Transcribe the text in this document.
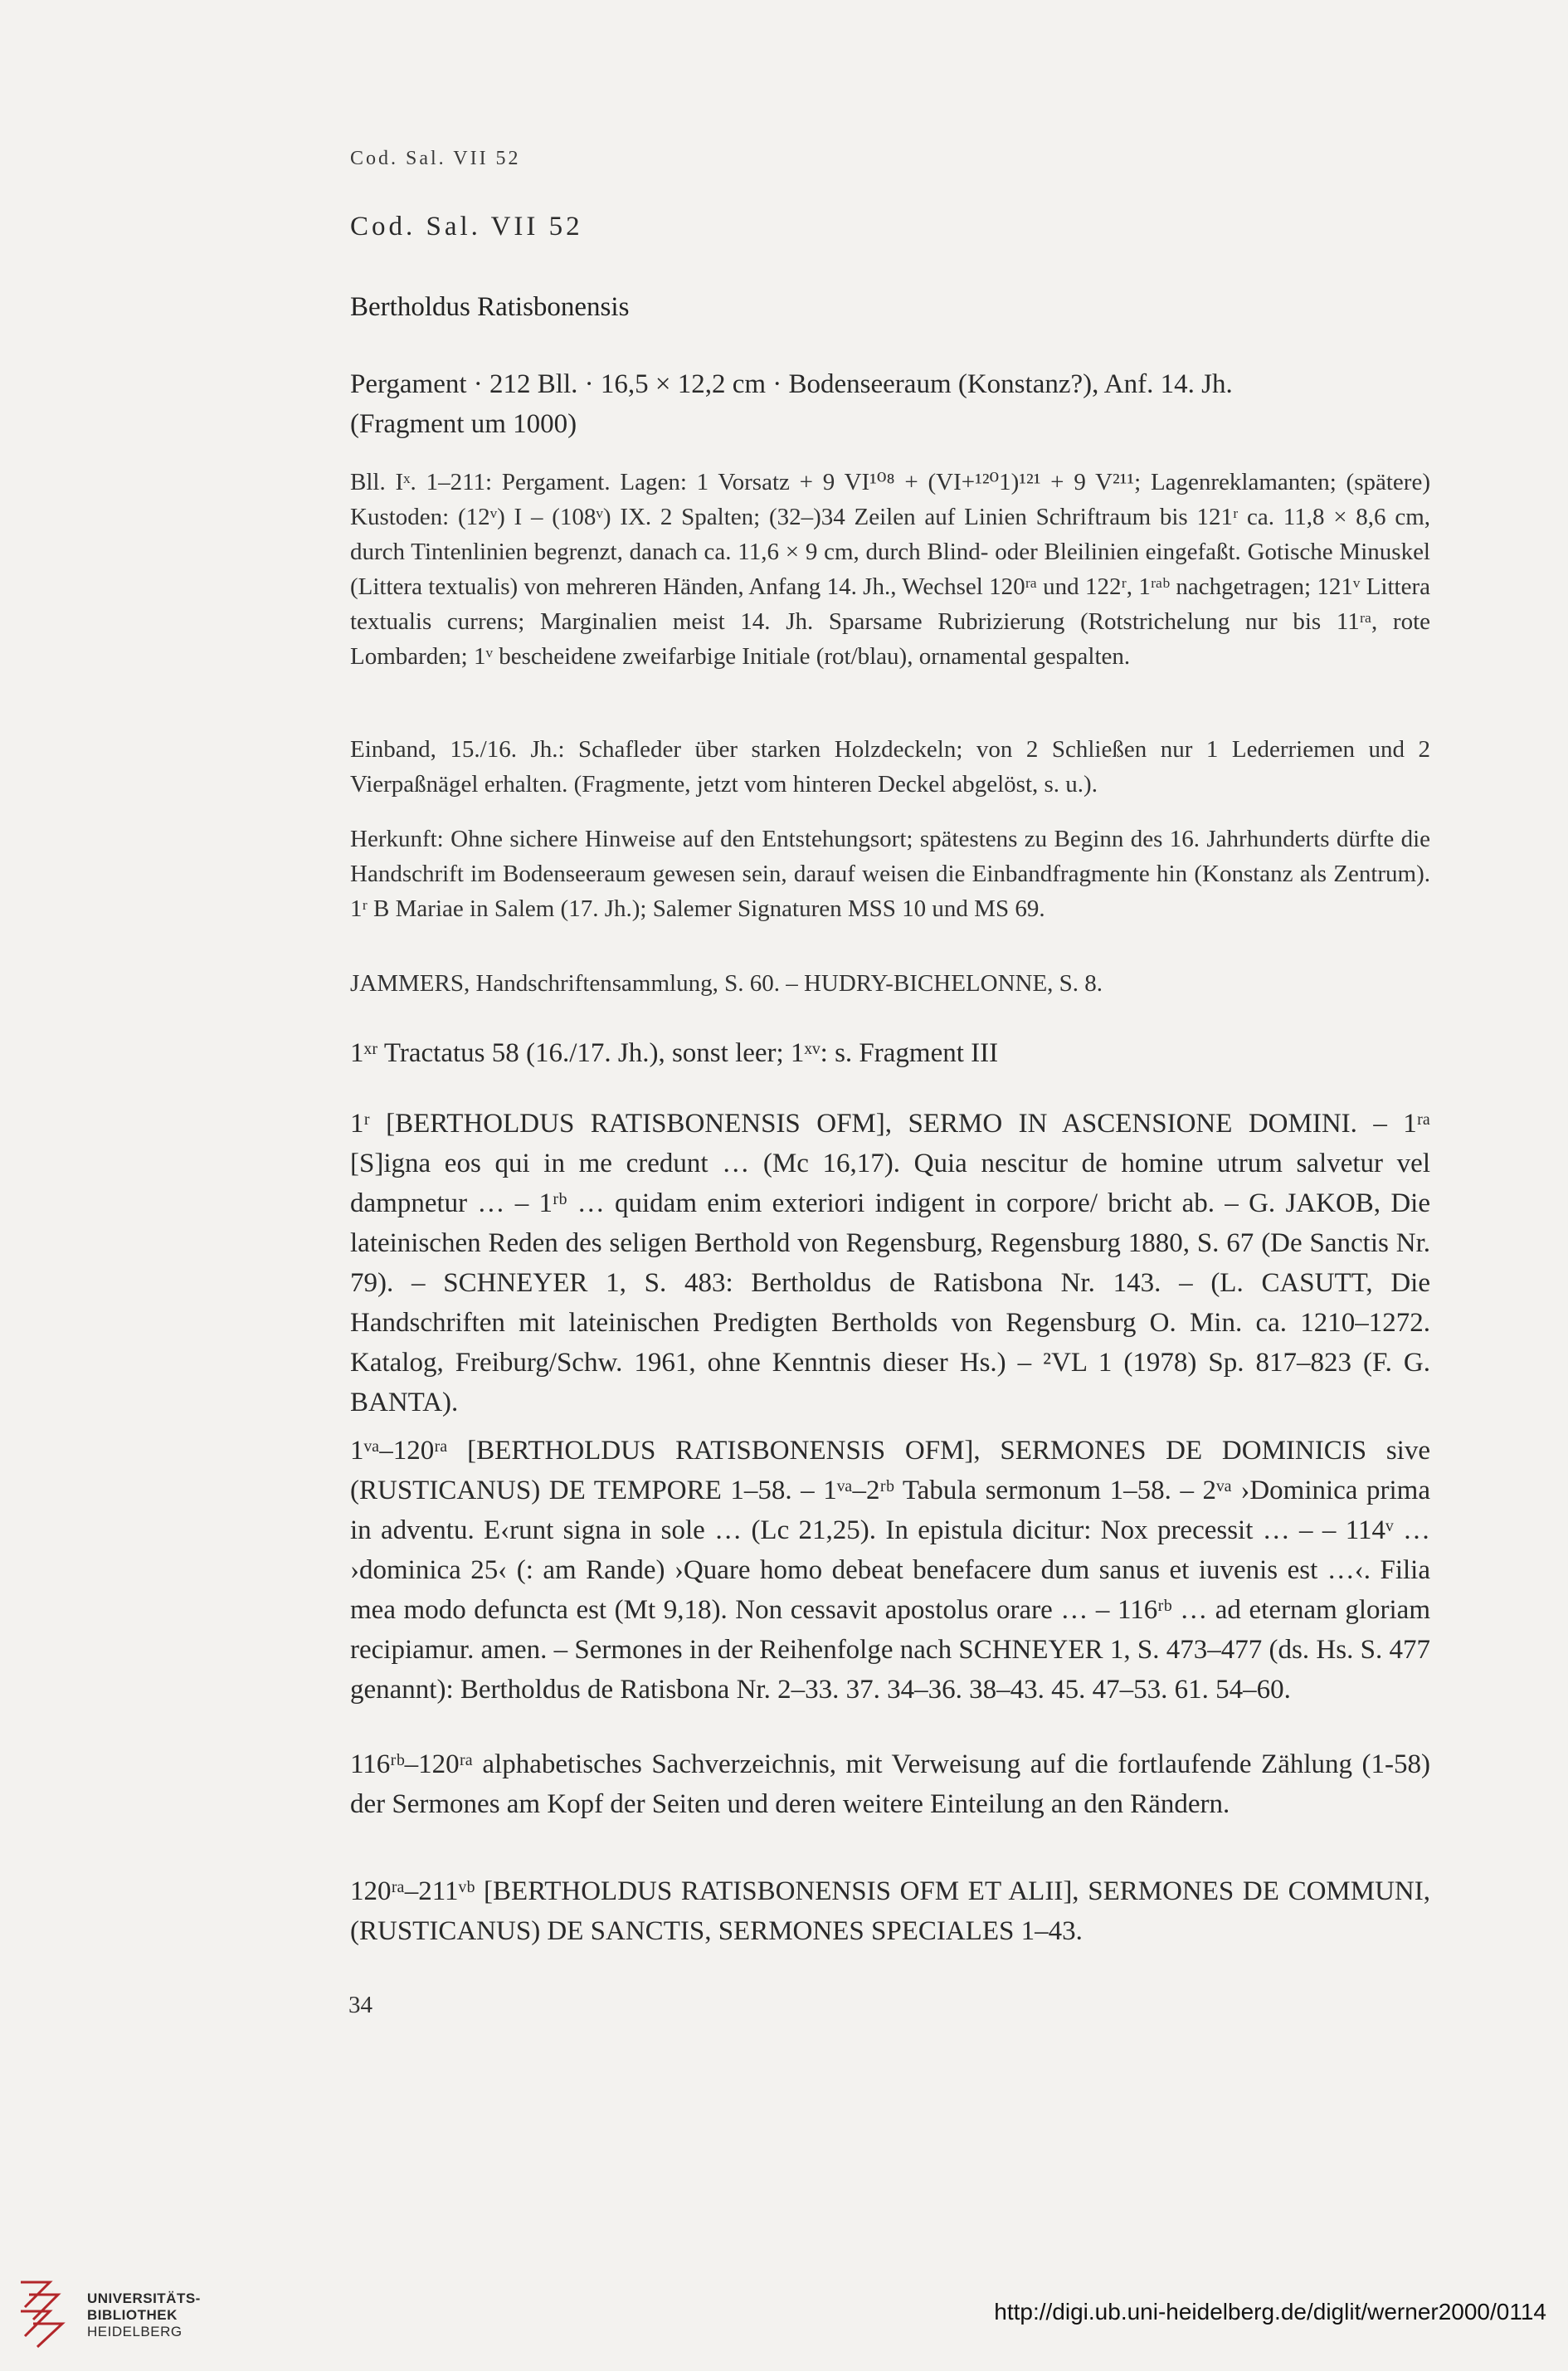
Cod. Sal. VII 52
Cod. Sal. VII 52
Bertholdus Ratisbonensis
Pergament · 212 Bll. · 16,5 × 12,2 cm · Bodenseeraum (Konstanz?), Anf. 14. Jh.
(Fragment um 1000)
Bll. Iˣ. 1–211: Pergament. Lagen: 1 Vorsatz + 9 VI¹⁰⁸ + (VI+¹²⁰1)¹²¹ + 9 V²¹¹; Lagenreklamanten; (spätere) Kustoden: (12ᵛ) I – (108ᵛ) IX. 2 Spalten; (32–)34 Zeilen auf Linien Schriftraum bis 121ʳ ca. 11,8 × 8,6 cm, durch Tintenlinien begrenzt, danach ca. 11,6 × 9 cm, durch Blind- oder Bleilinien eingefaßt. Gotische Minuskel (Littera textualis) von mehreren Händen, Anfang 14. Jh., Wechsel 120ʳᵃ und 122ʳ, 1ʳᵃᵇ nachgetragen; 121ᵛ Littera textualis currens; Marginalien meist 14. Jh. Sparsame Rubrizierung (Rotstrichelung nur bis 11ʳᵃ, rote Lombarden; 1ᵛ bescheidene zweifarbige Initiale (rot/blau), ornamental gespalten.
Einband, 15./16. Jh.: Schafleder über starken Holzdeckeln; von 2 Schließen nur 1 Lederriemen und 2 Vierpaßnägel erhalten. (Fragmente, jetzt vom hinteren Deckel abgelöst, s. u.).
Herkunft: Ohne sichere Hinweise auf den Entstehungsort; spätestens zu Beginn des 16. Jahrhunderts dürfte die Handschrift im Bodenseeraum gewesen sein, darauf weisen die Einbandfragmente hin (Konstanz als Zentrum). 1ʳ B Mariae in Salem (17. Jh.); Salemer Signaturen MSS 10 und MS 69.
JAMMERS, Handschriftensammlung, S. 60. – HUDRY-BICHELONNE, S. 8.
1ˣʳ Tractatus 58 (16./17. Jh.), sonst leer; 1ˣᵛ: s. Fragment III
1ʳ [BERTHOLDUS RATISBONENSIS OFM], SERMO IN ASCENSIONE DOMINI. – 1ʳᵃ [S]igna eos qui in me credunt … (Mc 16,17). Quia nescitur de homine utrum salvetur vel dampnetur … – 1ʳᵇ … quidam enim exteriori indigent in corpore/ bricht ab. – G. JAKOB, Die lateinischen Reden des seligen Berthold von Regensburg, Regensburg 1880, S. 67 (De Sanctis Nr. 79). – SCHNEYER 1, S. 483: Bertholdus de Ratisbona Nr. 143. – (L. CASUTT, Die Handschriften mit lateinischen Predigten Bertholds von Regensburg O. Min. ca. 1210–1272. Katalog, Freiburg/Schw. 1961, ohne Kenntnis dieser Hs.) – ²VL 1 (1978) Sp. 817–823 (F. G. BANTA).
1ᵛᵃ–120ʳᵃ [BERTHOLDUS RATISBONENSIS OFM], SERMONES DE DOMINICIS sive (RUSTICANUS) DE TEMPORE 1–58. – 1ᵛᵃ–2ʳᵇ Tabula sermonum 1–58. – 2ᵛᵃ ›Dominica prima in adventu. E‹runt signa in sole … (Lc 21,25). In epistula dicitur: Nox precessit … – – 114ᵛ … ›dominica 25‹ (: am Rande) ›Quare homo debeat benefacere dum sanus et iuvenis est …‹. Filia mea modo defuncta est (Mt 9,18). Non cessavit apostolus orare … – 116ʳᵇ … ad eternam gloriam recipiamur. amen. – Sermones in der Reihenfolge nach SCHNEYER 1, S. 473–477 (ds. Hs. S. 477 genannt): Bertholdus de Ratisbona Nr. 2–33. 37. 34–36. 38–43. 45. 47–53. 61. 54–60.
116ʳᵇ–120ʳᵃ alphabetisches Sachverzeichnis, mit Verweisung auf die fortlaufende Zählung (1-58) der Sermones am Kopf der Seiten und deren weitere Einteilung an den Rändern.
120ʳᵃ–211ᵛᵇ [BERTHOLDUS RATISBONENSIS OFM ET ALII], SERMONES DE COMMUNI, (RUSTICANUS) DE SANCTIS, SERMONES SPECIALES 1–43.
34
UNIVERSITÄTS-
BIBLIOTHEK
HEIDELBERG
http://digi.ub.uni-heidelberg.de/diglit/werner2000/0114
